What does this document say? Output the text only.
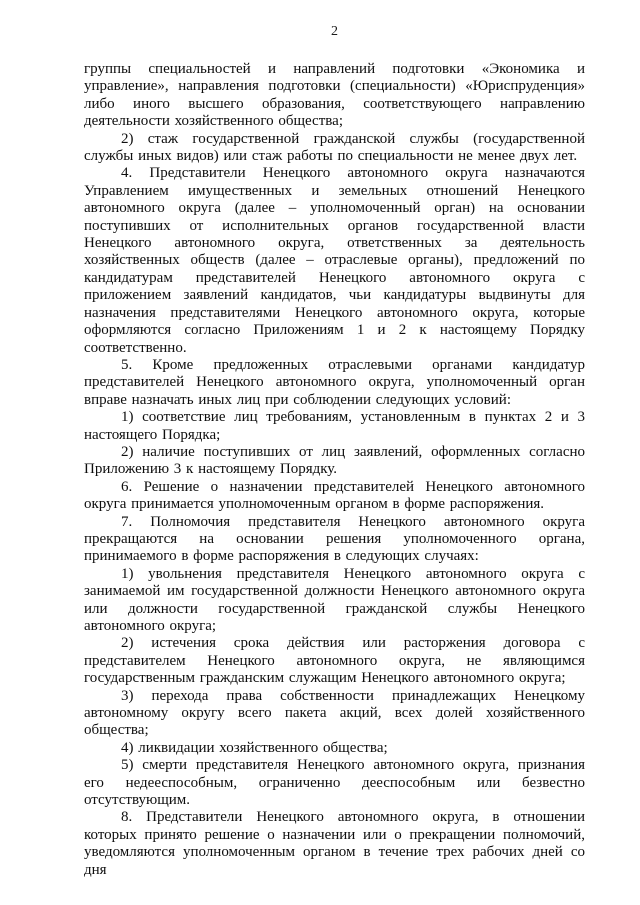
2

группы специальностей и направлений подготовки «Экономика и управление», направления подготовки (специальности) «Юриспруденция» либо иного высшего образования, соответствующего направлению деятельности хозяйственного общества;

2) стаж государственной гражданской службы (государственной службы иных видов) или стаж работы по специальности не менее двух лет.

4. Представители Ненецкого автономного округа назначаются Управлением имущественных и земельных отношений Ненецкого автономного округа (далее – уполномоченный орган) на основании поступивших от исполнительных органов государственной власти Ненецкого автономного округа, ответственных за деятельность хозяйственных обществ (далее – отраслевые органы), предложений по кандидатурам представителей Ненецкого автономного округа с приложением заявлений кандидатов, чьи кандидатуры выдвинуты для назначения представителями Ненецкого автономного округа, которые оформляются согласно Приложениям 1 и 2 к настоящему Порядку соответственно.

5. Кроме предложенных отраслевыми органами кандидатур представителей Ненецкого автономного округа, уполномоченный орган вправе назначать иных лиц при соблюдении следующих условий:

1) соответствие лиц требованиям, установленным в пунктах 2 и 3 настоящего Порядка;

2) наличие поступивших от лиц заявлений, оформленных согласно Приложению 3 к настоящему Порядку.

6. Решение о назначении представителей Ненецкого автономного округа принимается уполномоченным органом в форме распоряжения.

7. Полномочия представителя Ненецкого автономного округа прекращаются на основании решения уполномоченного органа, принимаемого в форме распоряжения в следующих случаях:

1) увольнения представителя Ненецкого автономного округа с занимаемой им государственной должности Ненецкого автономного округа или должности государственной гражданской службы Ненецкого автономного округа;

2) истечения срока действия или расторжения договора с представителем Ненецкого автономного округа, не являющимся государственным гражданским служащим Ненецкого автономного округа;

3) перехода права собственности принадлежащих Ненецкому автономному округу всего пакета акций, всех долей хозяйственного общества;

4) ликвидации хозяйственного общества;

5) смерти представителя Ненецкого автономного округа, признания его недееспособным, ограниченно дееспособным или безвестно отсутствующим.

8. Представители Ненецкого автономного округа, в отношении которых принято решение о назначении или о прекращении полномочий, уведомляются уполномоченным органом в течение трех рабочих дней со дня
